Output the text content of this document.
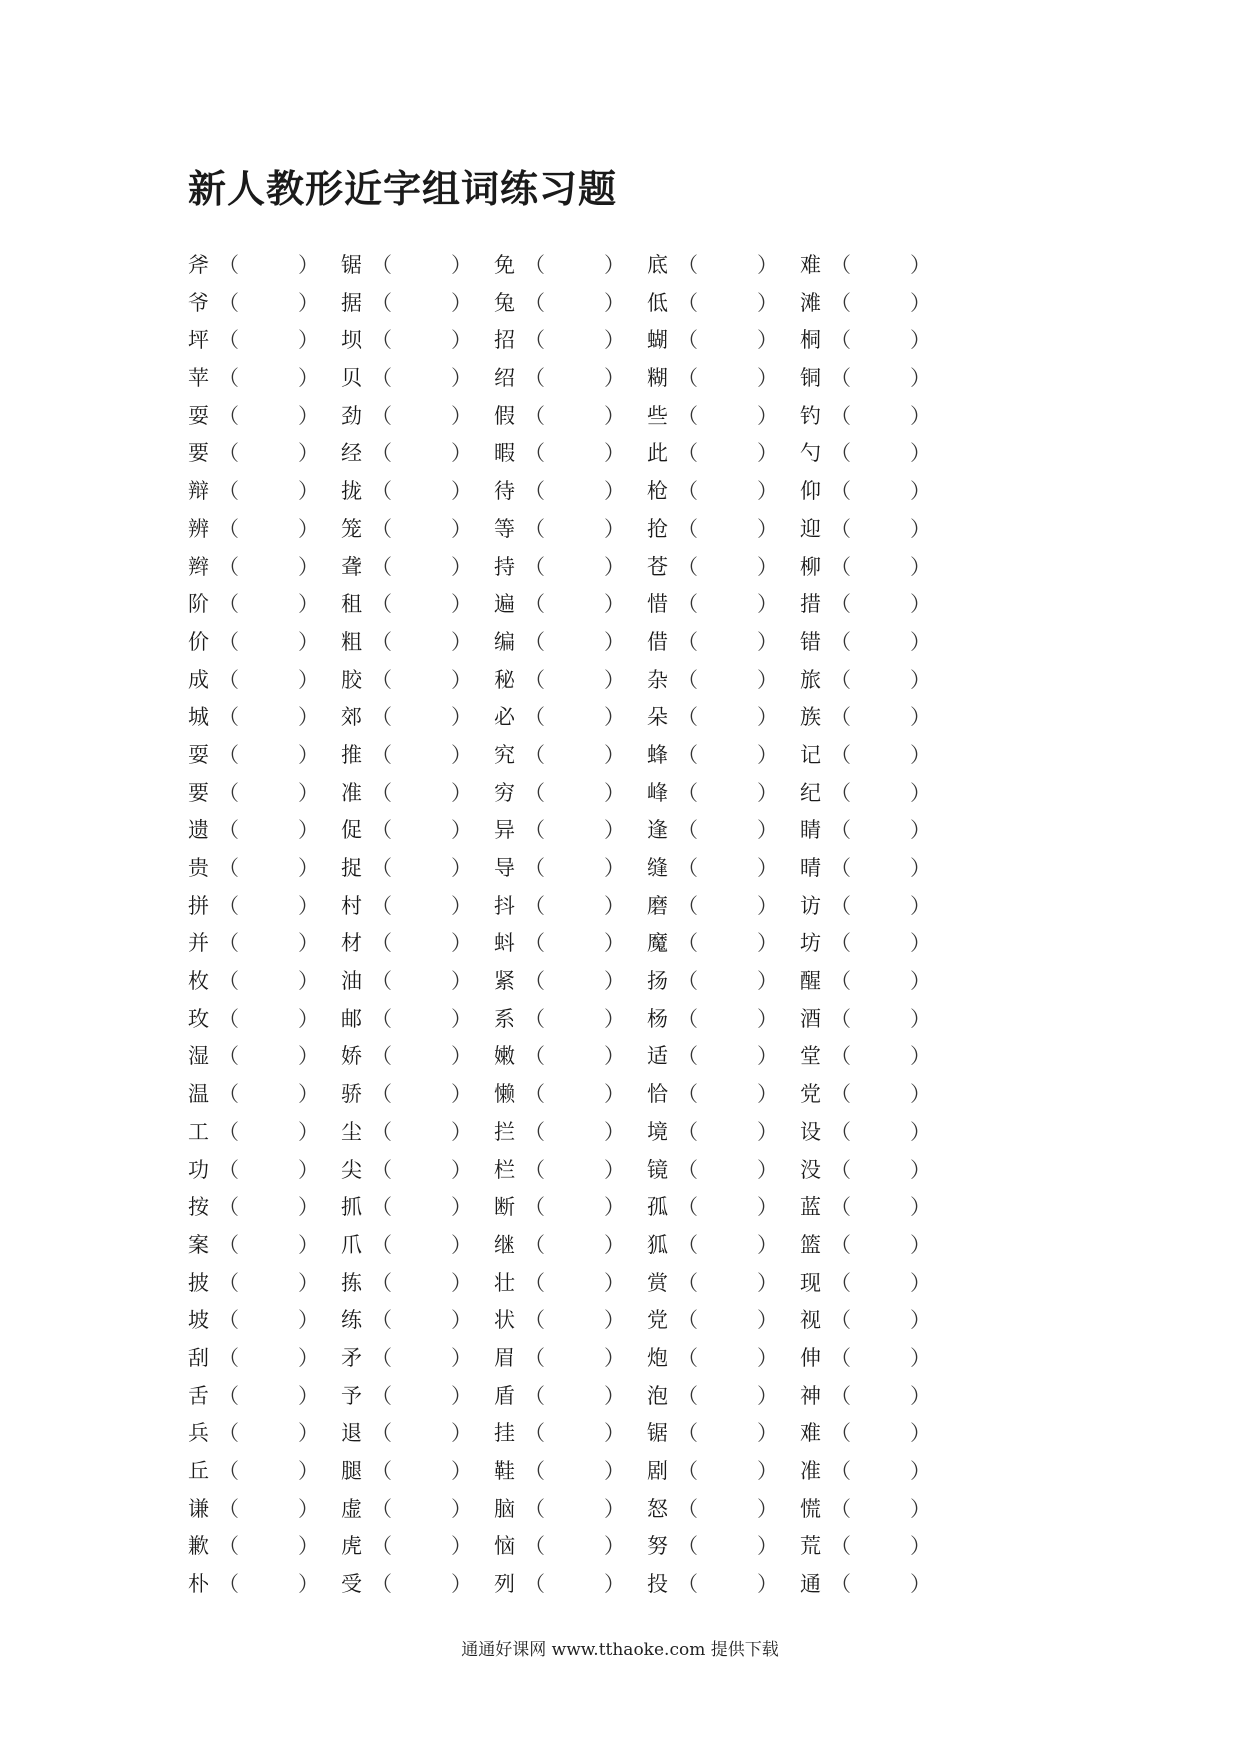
新人教形近字组词练习题
斧 （	） 锯 （	） 免 （	） 底 （	） 难 （	）
爷 （	） 据 （	） 兔 （	） 低 （	） 滩 （	）
坪 （	） 坝 （	） 招 （	） 蝴 （	） 桐 （	）
苹 （	） 贝 （	） 绍 （	） 糊 （	） 铜 （	）
耍 （	） 劲 （	） 假 （	） 些 （	） 钓 （	）
要 （	） 经 （	） 暇 （	） 此 （	） 勺 （	）
辩 （	） 拢 （	） 待 （	） 枪 （	） 仰 （	）
辨 （	） 笼 （	） 等 （	） 抢 （	） 迎 （	）
辫 （	） 聋 （	） 持 （	） 苍 （	） 柳 （	）
阶 （	） 租 （	） 遍 （	） 惜 （	） 措 （	）
价 （	） 粗 （	） 编 （	） 借 （	） 错 （	）
成 （	） 胶 （	） 秘 （	） 杂 （	） 旅 （	）
城 （	） 郊 （	） 必 （	） 朵 （	） 族 （	）
耍 （	） 推 （	） 究 （	） 蜂 （	） 记 （	）
要 （	） 准 （	） 穷 （	） 峰 （	） 纪 （	）
遗 （	） 促 （	） 异 （	） 逢 （	） 睛 （	）
贵 （	） 捉 （	） 导 （	） 缝 （	） 晴 （	）
拼 （	） 村 （	） 抖 （	） 磨 （	） 访 （	）
并 （	） 材 （	） 蚪 （	） 魔 （	） 坊 （	）
枚 （	） 油 （	） 紧 （	） 扬 （	） 醒 （	）
玫 （	） 邮 （	） 系 （	） 杨 （	） 酒 （	）
湿 （	） 娇 （	） 嫩 （	） 适 （	） 堂 （	）
温 （	） 骄 （	） 懒 （	） 恰 （	） 党 （	）
工 （	） 尘 （	） 拦 （	） 境 （	） 设 （	）
功 （	） 尖 （	） 栏 （	） 镜 （	） 没 （	）
按 （	） 抓 （	） 断 （	） 孤 （	） 蓝 （	）
案 （	） 爪 （	） 继 （	） 狐 （	） 篮 （	）
披 （	） 拣 （	） 壮 （	） 赏 （	） 现 （	）
坡 （	） 练 （	） 状 （	） 党 （	） 视 （	）
刮 （	） 矛 （	） 眉 （	） 炮 （	） 伸 （	）
舌 （	） 予 （	） 盾 （	） 泡 （	） 神 （	）
兵 （	） 退 （	） 挂 （	） 锯 （	） 难 （	）
丘 （	） 腿 （	） 鞋 （	） 剧 （	） 准 （	）
谦 （	） 虚 （	） 脑 （	） 怒 （	） 慌 （	）
歉 （	） 虎 （	） 恼 （	） 努 （	） 荒 （	）
朴 （	） 受 （	） 列 （	） 投 （	） 通 （	）
通通好课网 www.tthaoke.com 提供下载
